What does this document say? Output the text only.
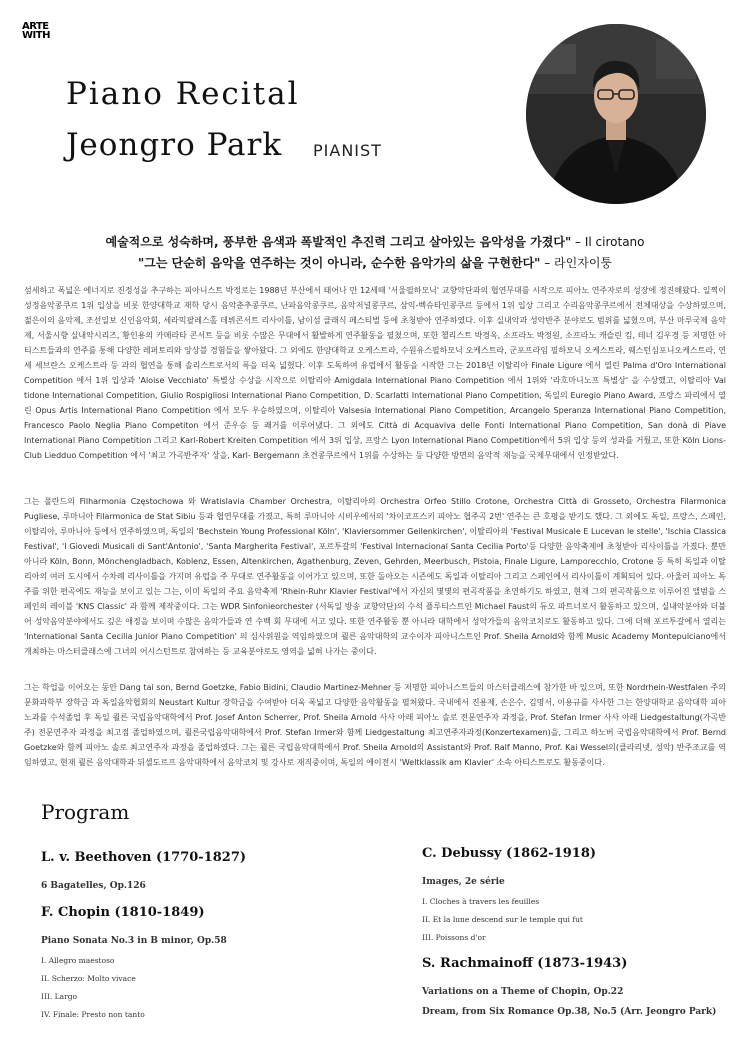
ARTE
WITH
Piano Recital
Jeongro Park PIANIST
예술적으로 성숙하며, 풍부한 음색과 폭발적인 추진력 그리고 살아있는 음악성을 가졌다" – Il cirotano
"그는 단순히 음악을 연주하는 것이 아니라, 순수한 음악가의 삶을 구현한다" – 라인자이퉁

섬세하고 폭넓은 에너지로 진정성을 추구하는 피아니스트 박정로는 1988년 부산에서 태어나 만 12세때 '서울필하모닉' 교향악단과의 협연무대를 시작으로 피아노 연주자로의 성장에 정진해왔다. 일찍이 성정음악콩쿠르 1위 입상을 비롯 한양대학교 재학 당시 음악춘추콩쿠르, 난파음악콩쿠르, 음악저널콩쿠르, 삼익-벡슈타인콩쿠르 등에서 1위 입상 그리고 수리음악콩쿠르에서 전체대상을 수상하였으며, 젊은이의 음악제, 조선일보 신인음악회, 세라믹팔레스홀 데뷔콘서트 리사이틀, 남이섬 클래식 페스티벌 등에 초청받아 연주하였다. 이후 실내악과 성악반주 분야로도 범위를 넓혔으며, 부산 마루국제 음악제, 서울시향 실내악시리즈, 황인용의 카메라타 콘서트 등을 비롯 수많은 무대에서 활발하게 연주활동을 펼쳤으며, 또한 첼리스트 박경옥, 소프라노 박정원, 소프라노 캐슬린 킴, 테너 김우경 등 저명한 아티스트들과의 연주를 통해 다양한 레퍼토리와 앙상블 경험들을 쌓아왔다. 그 외에도 한양대학교 오케스트라, 수원유스필하모닉 오케스트라, 군포프라임 필하모닉 오케스트라, 웨스턴심포니오케스트라, 연세 세브란스 오케스트라 등 과의 협연을 통해 솔리스트로서의 폭을 더욱 넓혔다. 이후 도독하여 유럽에서 활동을 시작한 그는 2018년 이탈리아 Finale Ligure 에서 열린 Palma d'Oro International Competition 에서 1위 입상과 'Aloise Vecchiato' 특별상 수상을 시작으로 이탈리아 Amigdala International Piano Competition 에서 1위와 '라흐마니노프 특별상' 을 수상했고, 이탈리아 Val tidone International Competition, Giulio Rospigliosi International Piano Competition, D. Scarlatti International Piano Competition, 독일의 Euregio Piano Award, 프랑스 파리에서 열린 Opus Artis International Piano Competition 에서 모두 우승하였으며, 이탈리아 Valsesia International Piano Competition, Arcangelo Speranza International Piano Competition, Francesco Paolo Neglia Piano Competiton 에서 준우승 등 쾌거를 이루어냈다. 그 외에도 Città di Acquaviva delle Fonti International Piano Competition, San donà di Piave International Piano Competition 그리고 Karl-Robert Kreiten Competition 에서 3위 입상, 프랑스 Lyon International Piano Competition에서 5위 입상 등의 성과를 거뒀고, 또한 Köln Lions-Club Liedduo Competition 에서 '최고 가곡반주자' 상을, Karl- Bergemann 초견콩쿠르에서 1위를 수상하는 등 다양한 방면의 음악적 재능을 국제무대에서 인정받았다.

그는 폴란드의 Filharmonia Częstochowa 와 Wratislavia Chamber Orchestra, 이탈리아의 Orchestra Orfeo Stillo Crotone, Orchestra Città di Grosseto, Orchestra Filarmonica Pugliese, 루마니아 Filarmonica de Stat Sibiu 등과 협연무대를 가졌고, 특히 루마니아 시비우에서의 '차이코프스키 피아노 협주곡 2번' 연주는 큰 호평을 받기도 했다. 그 외에도 독일, 프랑스, 스페인, 이탈리아, 루마니아 등에서 연주하였으며, 독일의 'Bechstein Young Professional Köln', 'Klaviersommer Geilenkirchen', 이탈리아의 'Festival Musicale E Lucevan le stelle', 'Ischia Classica Festival', 'I Giovedi Musicali di Sant'Antonio', 'Santa Margherita Festival', 포르투갈의 'Festival Internacional Santa Cecilia Porto'등 다양한 음악축제에 초청받아 리사이틀을 가졌다. 뿐만 아니라 Köln, Bonn, Mönchengladbach, Koblenz, Essen, Altenkirchen, Agathenburg, Zeven, Gehrden, Meerbusch, Pistoia, Finale Ligure, Lamporecchio, Crotone 등 특히 독일과 이탈리아의 여러 도시에서 수차례 리사이틀을 가지며 유럽을 주 무대로 연주활동을 이어가고 있으며, 또한 돌아오는 시즌에도 독일과 이탈리아 그리고 스페인에서 리사이틀이 계획되어 있다. 아울러 피아노 독주를 위한 편곡에도 재능을 보이고 있는 그는, 이미 독일의 주요 음악축제 'Rhein-Ruhr Klavier Festival'에서 자신의 몇몇의 편곡작품을 초연하기도 하였고, 현재 그의 편곡작품으로 이루어진 앨범을 스페인의 레이블 'KNS Classic' 과 함께 제작중이다. 그는 WDR Sinfonieorchester (서독일 방송 교향악단)의 수석 플루티스트인 Michael Faust의 듀오 파트너로서 활동하고 있으며, 실내악분야와 더불어 성악음악분야에서도 깊은 애정을 보이며 수많은 음악가들과 연 수백 회 무대에 서고 있다. 또한 연주활동 뿐 아니라 대학에서 성악가들의 음악코치로도 활동하고 있다. 그에 더해 포르투갈에서 열리는 'International Santa Cecilia Junior Piano Competition' 의 심사위원을 역임하였으며 쾰른 음악대학의 교수이자 피아니스트인 Prof. Sheila Arnold와 함께 Music Academy Montepulciano에서 개최하는 마스터클래스에 그녀의 어시스턴트로 참여하는 등 교육분야로도 영역을 넓혀 나가는 중이다.

그는 학업을 이어오는 동안 Dang tai son, Bernd Goetzke, Fabio Bidini, Claudio Martinez-Mehner 등 저명한 피아니스트들의 마스터클래스에 참가한 바 있으며, 또한 Nordrhein-Westfalen 주의 문화과학부 장학금 과 독일음악협회의 Neustart Kultur 장학금을 수여받아 더욱 폭넓고 다양한 음악활동을 펼쳐왔다. 국내에서 진용제, 손은수, 김명서, 이용규를 사사한 그는 한양대학교 음악대학 피아노과를 수석졸업 후 독일 쾰른 국립음악대학에서 Prof. Josef Anton Scherrer, Prof. Sheila Arnold 사사 아래 피아노 솔로 전문연주자 과정을, Prof. Stefan Irmer 사사 아래 Liedgestaltung(가곡반주) 전문연주자 과정을 최고점 졸업하였으며, 쾰른국립음악대학에서 Prof. Stefan Irmer와 함께 Liedgestaltung 최고연주자과정(Konzertexamen)을, 그리고 하노버 국립음악대학에서 Prof. Bernd Goetzke와 함께 피아노 솔로 최고연주자 과정을 졸업하였다. 그는 쾰른 국립음악대학에서 Prof. Sheila Arnold의 Assistant와 Prof. Ralf Manno, Prof. Kai Wessel의(클라리넷, 성악) 반주조교를 역임하였고, 현재 쾰른 음악대학과 뒤셀도르프 음악대학에서 음악코치 및 강사로 재직중이며, 독일의 에이전시 'Weltklassik am Klavier' 소속 아티스트로도 활동중이다.

Program
L. v. Beethoven (1770-1827)
6 Bagatelles, Op.126
F. Chopin (1810-1849)
Piano Sonata No.3 in B minor, Op.58
I. Allegro maestoso
II. Scherzo: Molto vivace
III. Largo
IV. Finale: Presto non tanto
C. Debussy (1862-1918)
Images, 2e série
I. Cloches à travers les feuilles
II. Et la lune descend sur le temple qui fut
III. Poissons d'or
S. Rachmainoff (1873-1943)
Variations on a Theme of Chopin, Op.22
Dream, from Six Romance Op.38, No.5 (Arr. Jeongro Park)
